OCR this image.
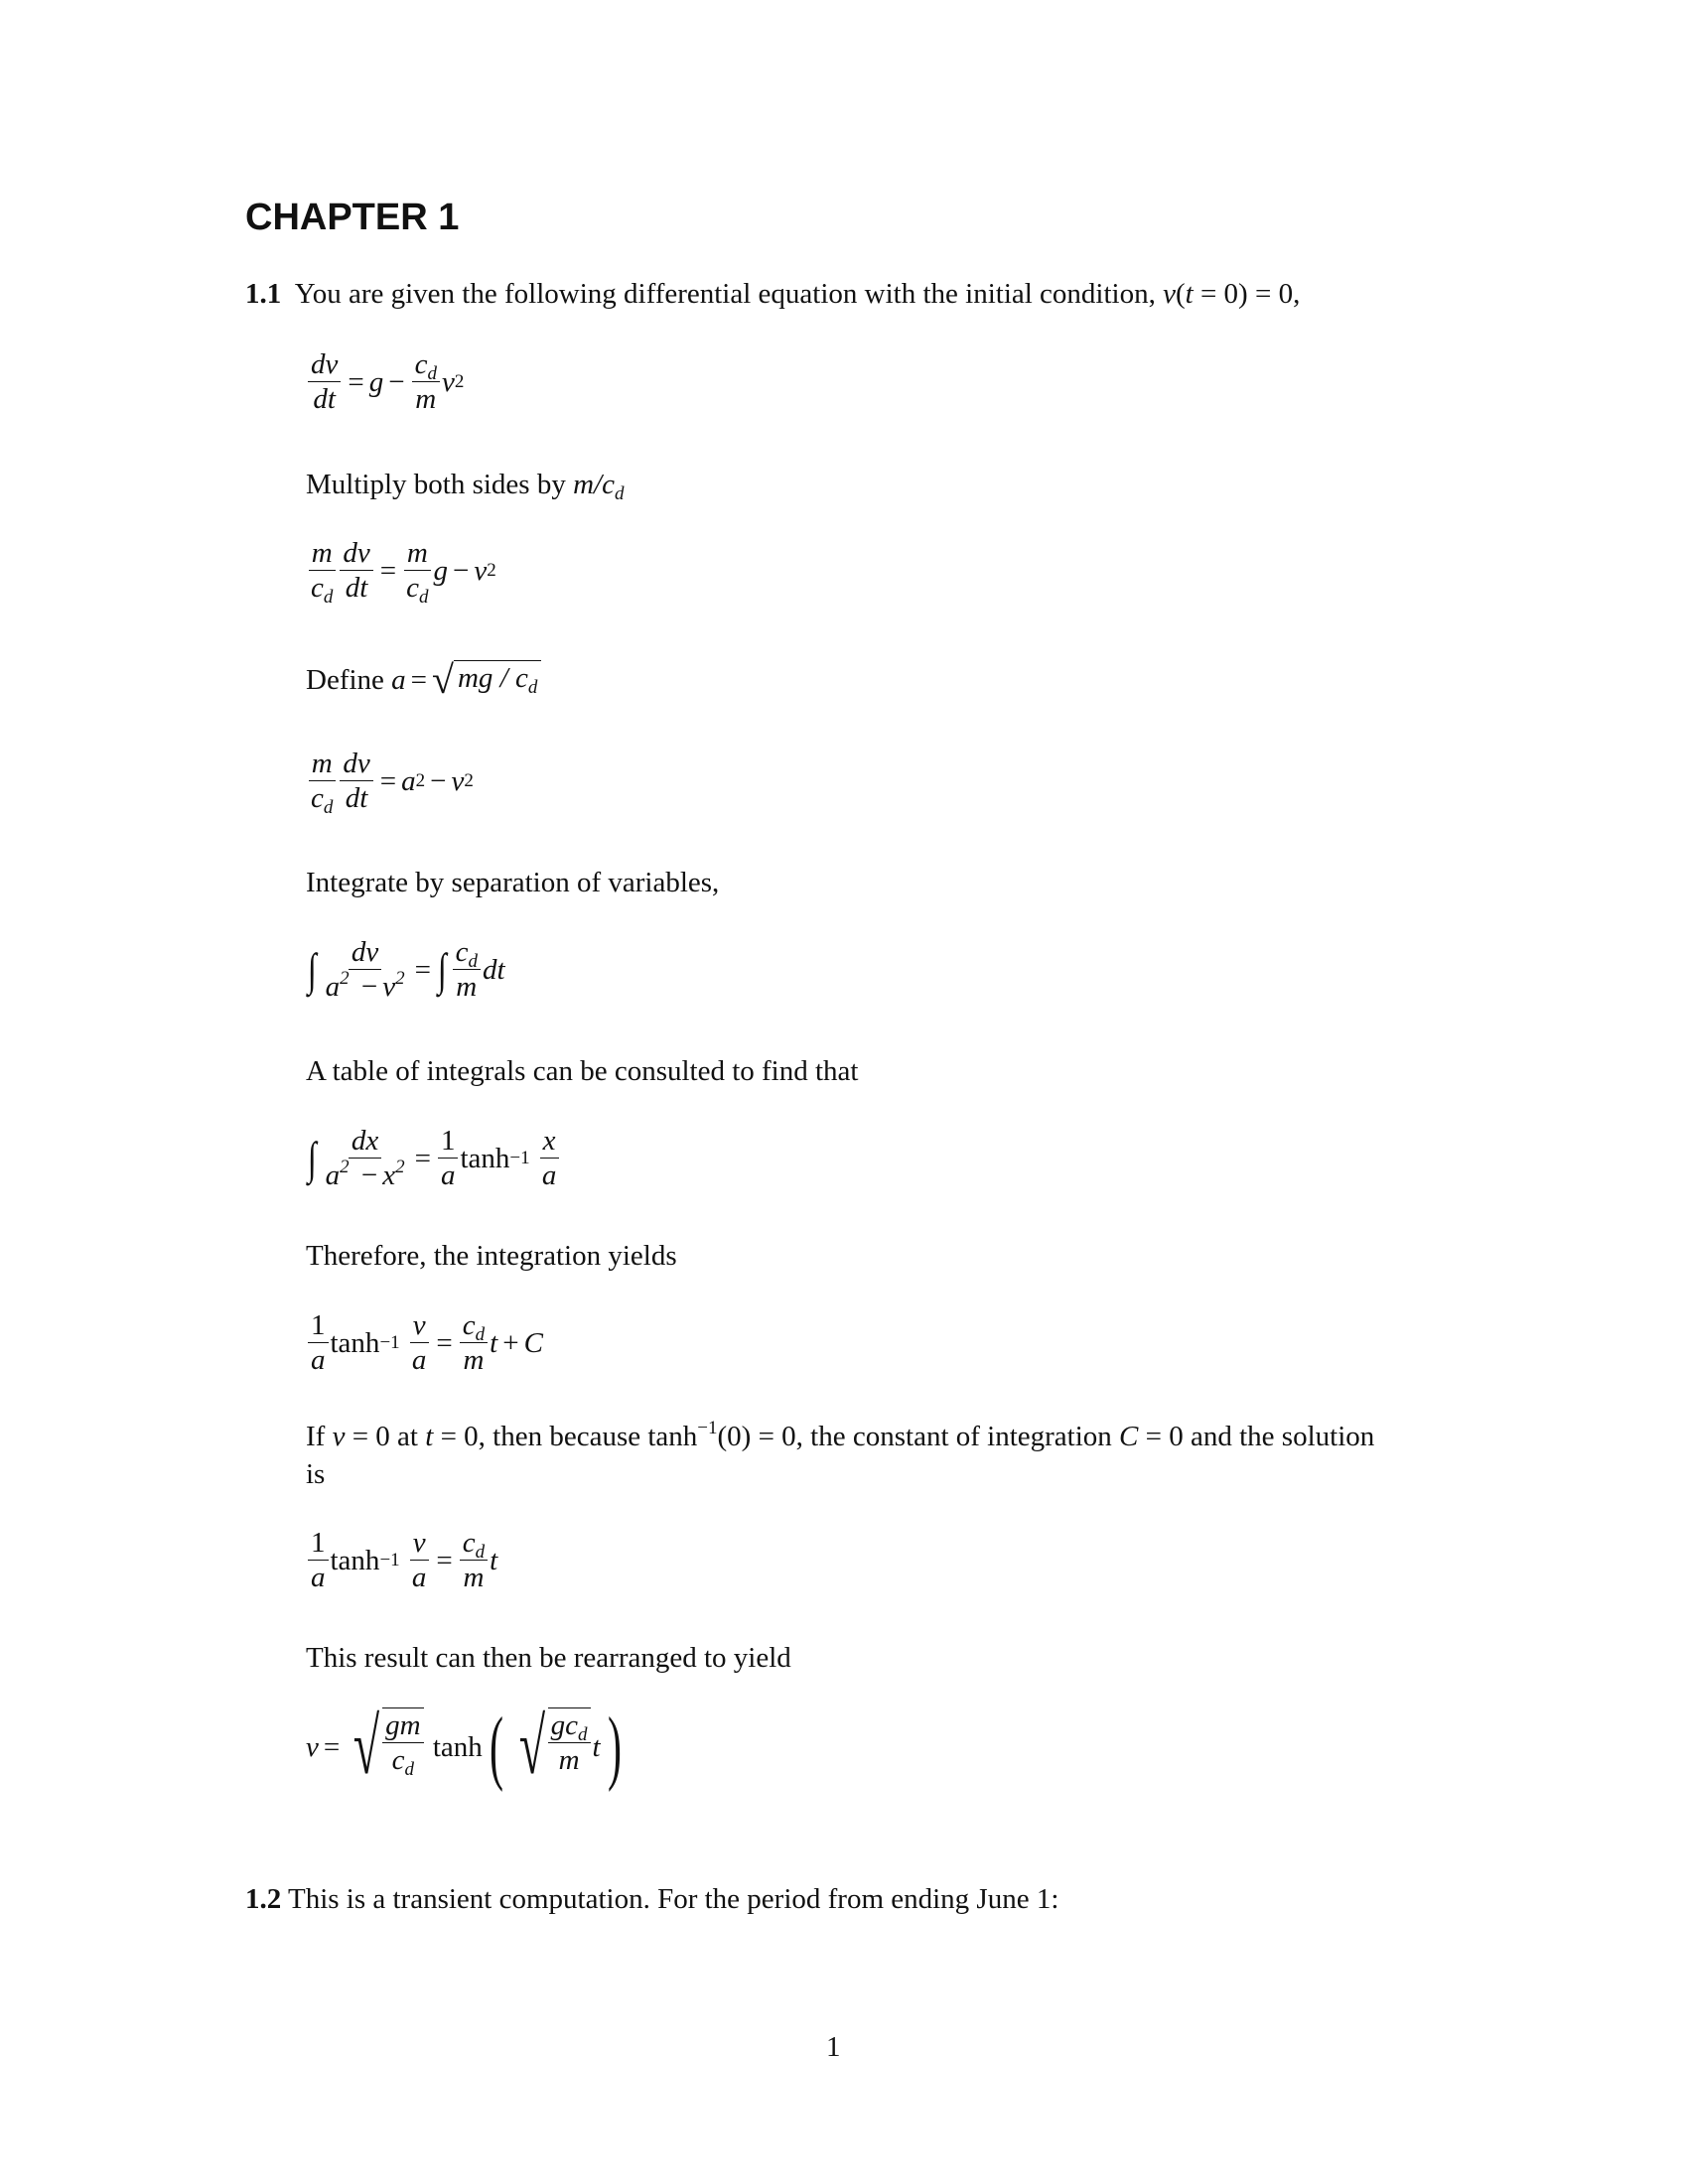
CHAPTER 1
1.1 You are given the following differential equation with the initial condition, v(t = 0) = 0,
$\frac{dv}{dt} = g - \frac{c_d}{m}$ v 2
Multiply both sides by $m/c_d$
$\frac{m}{c_d} \frac{dv}{dt} = \frac{m}{c_d}$ g − v 2
Define
a = √ mg / $c_d$
$\frac{m}{c_d} \frac{dv}{dt} = a$ 2 − v 2
Integrate by separation of variables,
∫ $\frac{dv}{a^2 - v^2}$ = ∫ $\frac{c_d}{m}$ dt
A table of integrals can be consulted to find that
∫ $\frac{dx}{a^2 - x^2} = \frac{1}{a}$ tanh −1
$\frac{x}{a}$
Therefore, the integration yields
$\frac{1}{a}$ tanh −1
$\frac{v}{a} = \frac{c_d}{m}$ t + C
If v = 0 at t = 0, then because $\tanh^{-1}(0) = 0$, the constant of integration C = 0 and the solution
is
$\frac{1}{a}$ tanh −1
$\frac{v}{a} = \frac{c_d}{m}$ t
This result can then be rearranged to yield
v = √ $\frac{gm}{c_d}$
tanh ( √ $gc_d$
m t )
1.2 This is a transient computation. For the period from ending June 1:
1
